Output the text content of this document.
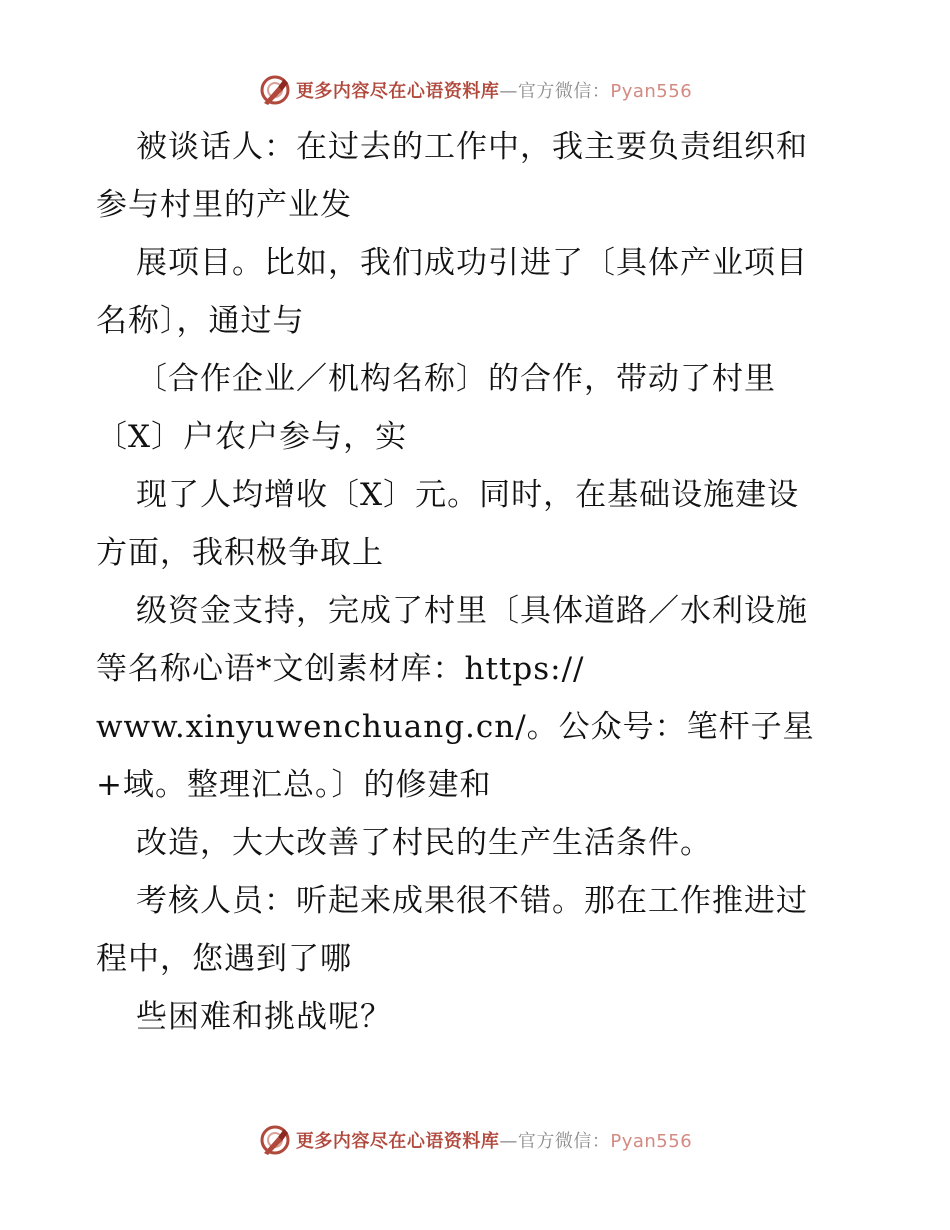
更多内容尽在心语资料库—官方微信：Pyan556
被谈话人：在过去的工作中，我主要负责组织和
参与村里的产业发
展项目。比如，我们成功引进了〔具体产业项目
名称〕，通过与
〔合作企业／机构名称〕的合作，带动了村里
〔X〕户农户参与，实
现了人均增收〔X〕元。同时，在基础设施建设
方面，我积极争取上
级资金支持，完成了村里〔具体道路／水利设施
等名称心语*文创素材库：https://
www.xinyuwenchuang.cn/。公众号：笔杆子星
+域。整理汇总。〕的修建和
改造，大大改善了村民的生产生活条件。
考核人员：听起来成果很不错。那在工作推进过
程中，您遇到了哪
些困难和挑战呢？
更多内容尽在心语资料库—官方微信：Pyan556
